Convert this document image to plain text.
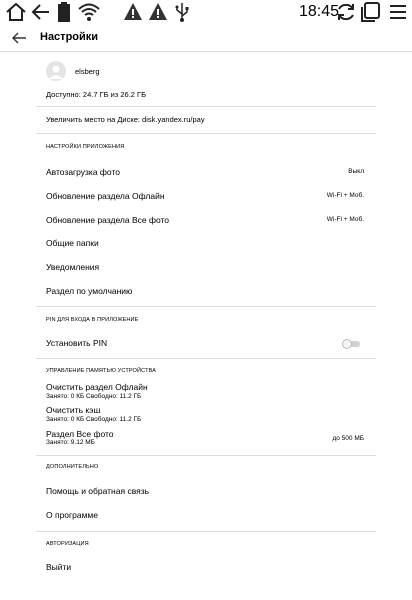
18:45
Настройки
elsberg
Доступно: 24.7 ГБ из 26.2 ГБ
Увеличить место на Диске: disk.yandex.ru/pay
НАСТРОЙКИ ПРИЛОЖЕНИЯ
Автозагрузка фото	Выкл
Обновление раздела Офлайн	Wi-Fi + Моб.
Обновление раздела Все фото	Wi-Fi + Моб.
Общие папки
Уведомления
Раздел по умолчанию
PIN ДЛЯ ВХОДА В ПРИЛОЖЕНИЕ
Установить PIN
УПРАВЛЕНИЕ ПАМЯТЬЮ УСТРОЙСТВА
Очистить раздел Офлайн
Занято: 0 КБ Свободно: 11.2 ГБ
Очистить кэш
Занято: 0 КБ Свободно: 11.2 ГБ
Раздел Все фото
Занято: 9.12 МБ
до 500 МБ
ДОПОЛНИТЕЛЬНО
Помощь и обратная связь
О программе
АВТОРИЗАЦИЯ
Выйти
